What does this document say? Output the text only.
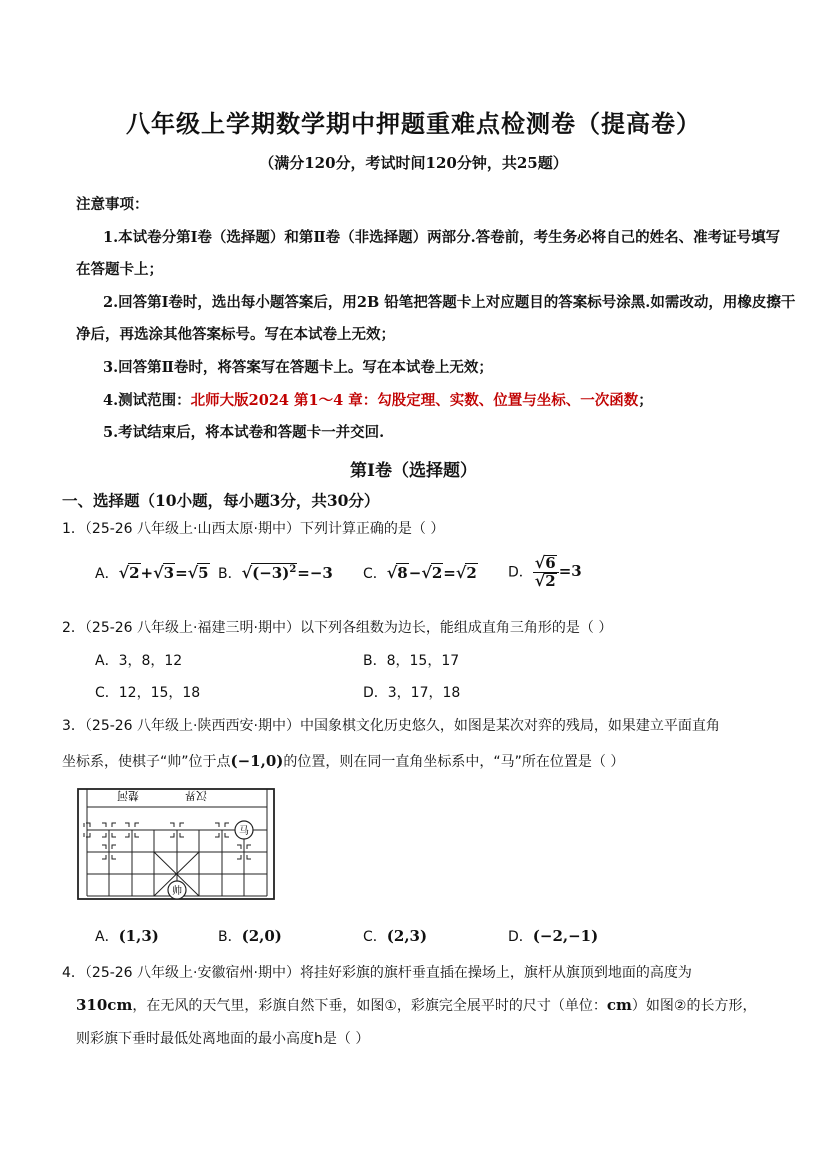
八年级上学期数学期中押题重难点检测卷（提高卷）
（满分120分，考试时间120分钟，共25题）
注意事项：
1.本试卷分第Ⅰ卷（选择题）和第Ⅱ卷（非选择题）两部分.答卷前，考生务必将自己的姓名、准考证号填写
在答题卡上；
2.回答第Ⅰ卷时，选出每小题答案后，用2B 铅笔把答题卡上对应题目的答案标号涂黑.如需改动，用橡皮擦干
净后，再选涂其他答案标号。写在本试卷上无效；
3.回答第Ⅱ卷时，将答案写在答题卡上。写在本试卷上无效；
4.测试范围：北师大版2024 第1～4 章：勾股定理、实数、位置与坐标、一次函数；
5.考试结束后，将本试卷和答题卡一并交回.
第Ⅰ卷（选择题）
一、选择题（10小题，每小题3分，共30分）
1．（25-26 八年级上·山西太原·期中）下列计算正确的是（ ）
A．√2+√3=√5 B．$√(-3)^2=-3$ C．√8−√2=√2 D． $\frac{√6}{√2} =3$
2．（25-26 八年级上·福建三明·期中）以下列各组数为边长，能组成直角三角形的是（ ）
A．3，8，12	B．8，15，17
C．12，15，18	D．3，17，18
3．（25-26 八年级上·陕西西安·期中）中国象棋文化历史悠久，如图是某次对弈的残局，如果建立平面直角
坐标系，使棋子“帅”位于点(−1,0)的位置，则在同一直角坐标系中，“马”所在位置是（ ）
楚河	汉界
马
帅
A．(1,3)	B．(2,0)	C．(2,3)	D．(−2,−1)
4．（25-26 八年级上·安徽宿州·期中）将挂好彩旗的旗杆垂直插在操场上，旗杆从旗顶到地面的高度为
310cm，在无风的天气里，彩旗自然下垂，如图①，彩旗完全展平时的尺寸（单位：cm）如图②的长方形，
则彩旗下垂时最低处离地面的最小高度h是（ ）
